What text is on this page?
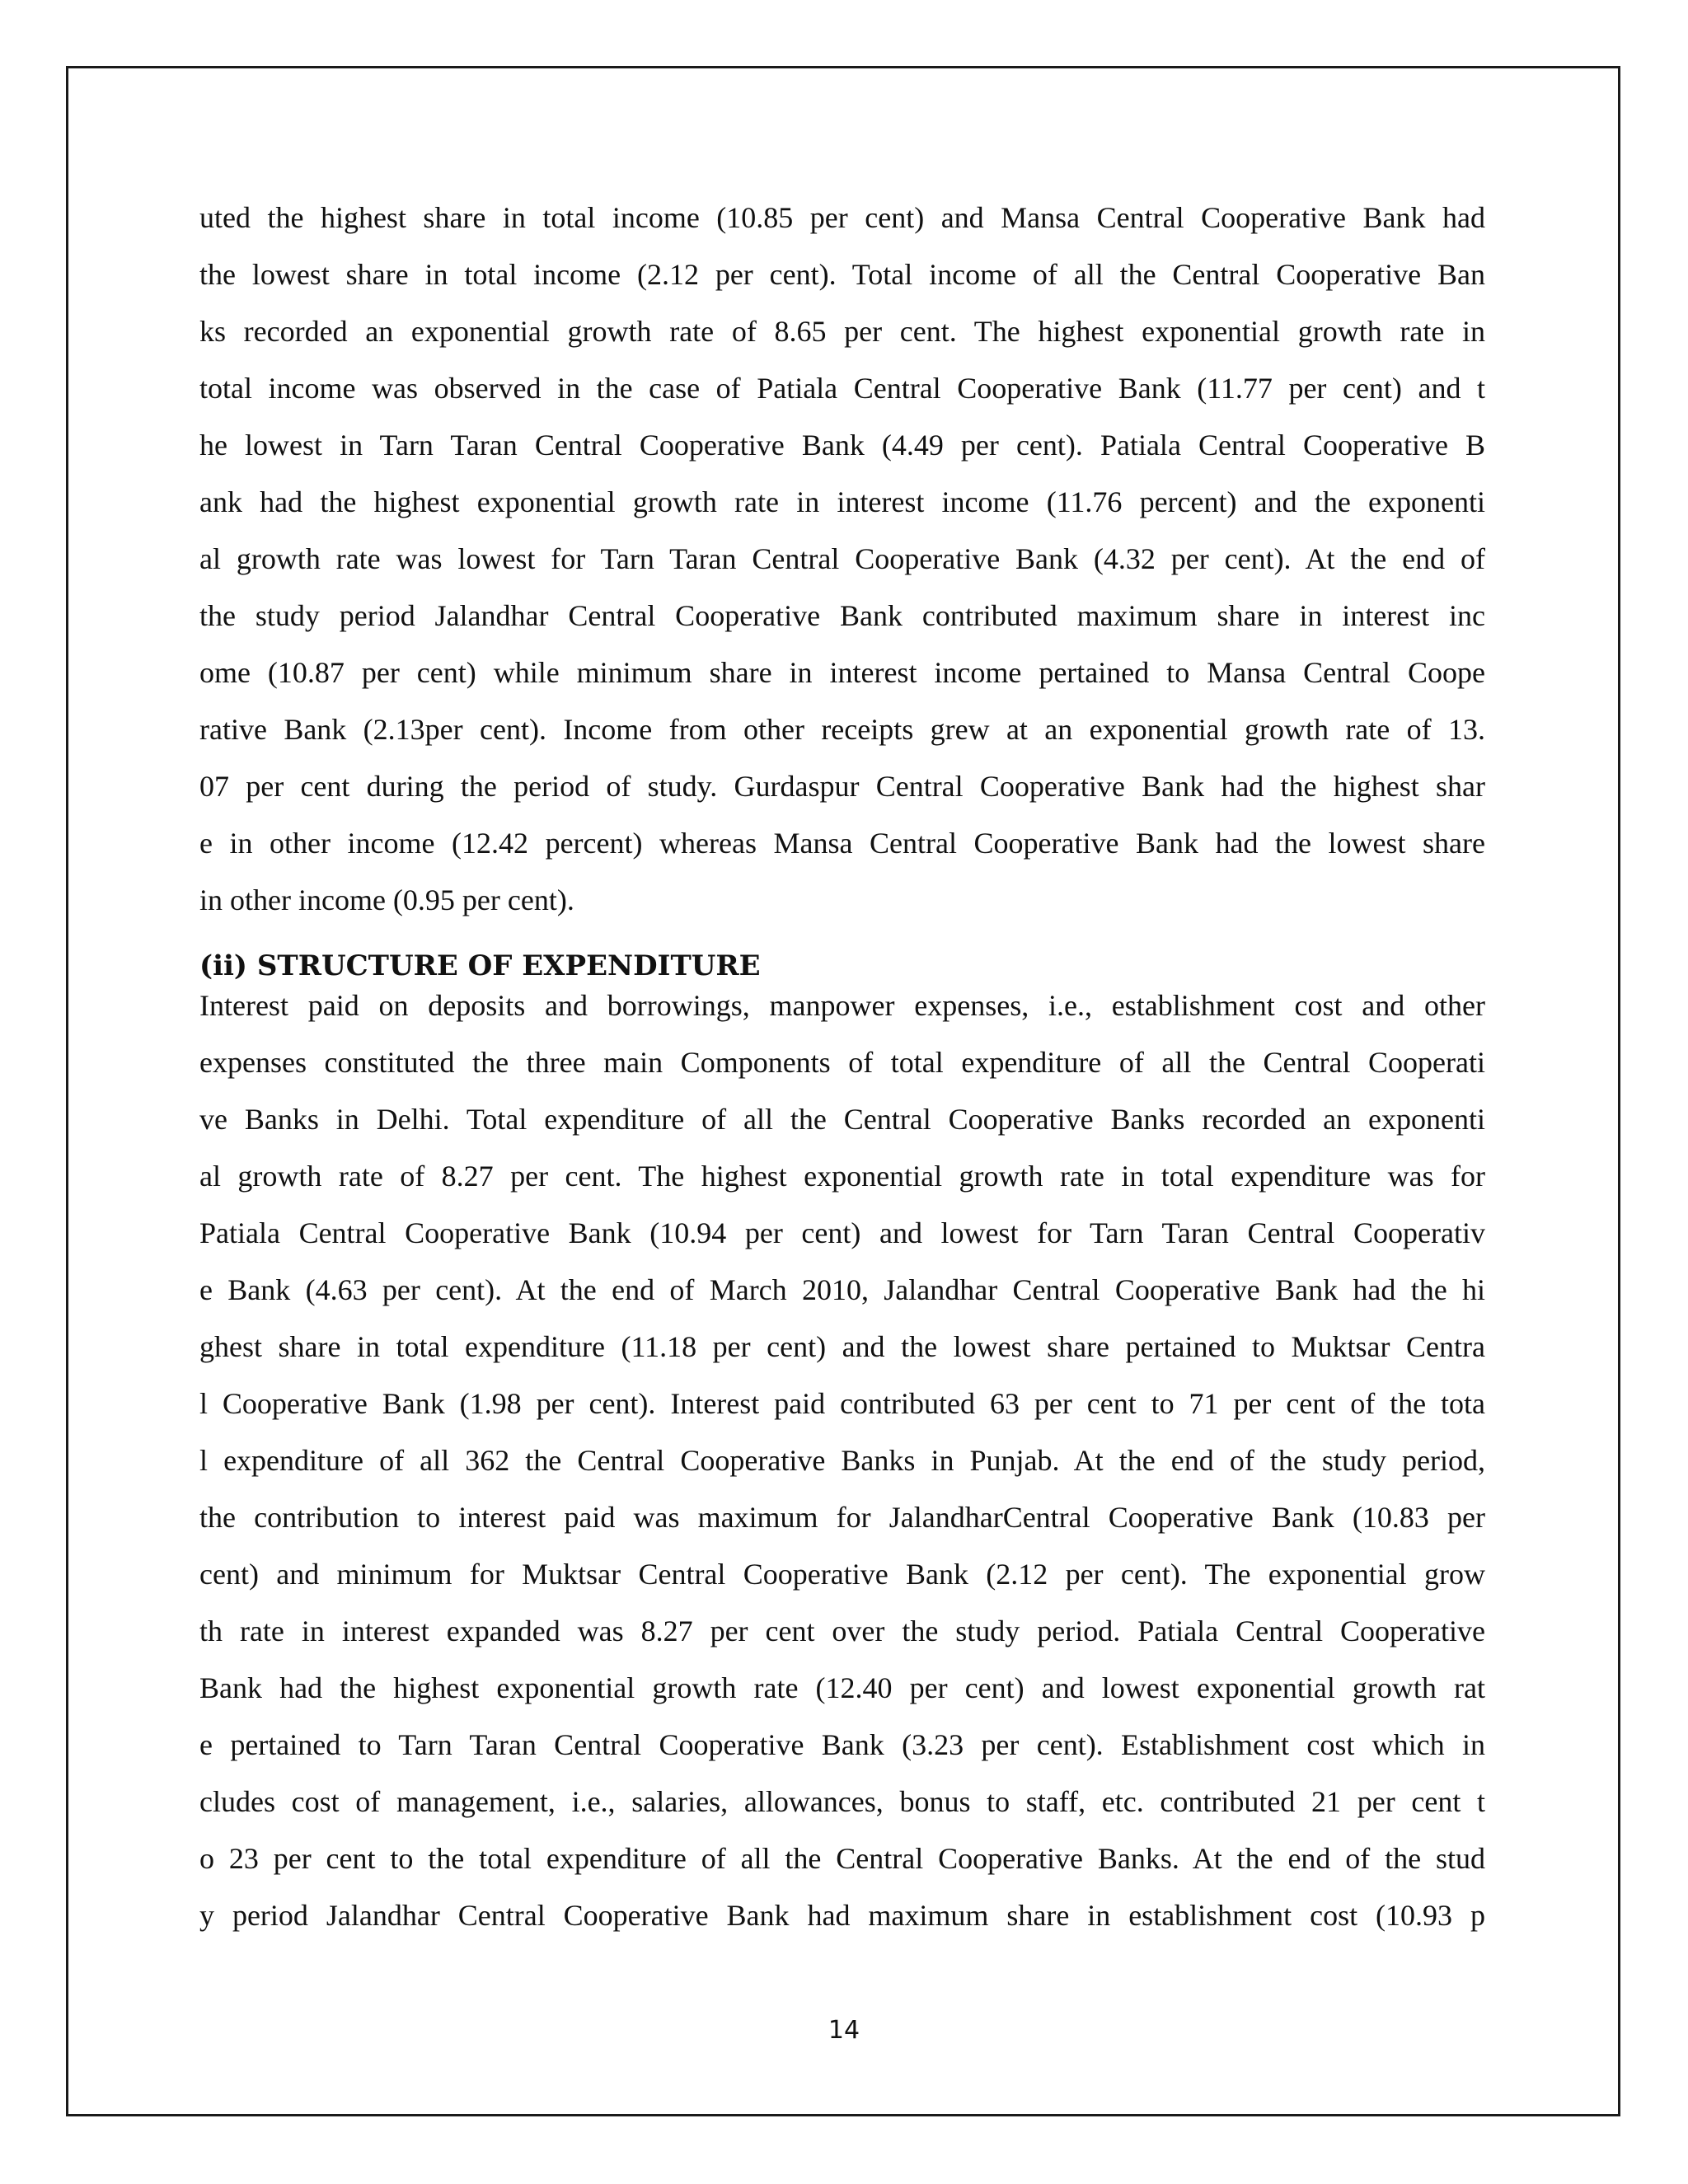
uted the highest share in total income (10.85 per cent) and Mansa Central Cooperative Bank had
the lowest share in total income (2.12 per cent). Total income of all the Central Cooperative Ban
ks recorded an exponential growth rate of 8.65 per cent. The highest exponential growth rate in
total income was observed in the case of Patiala Central Cooperative Bank (11.77 per cent) and t
he lowest in Tarn Taran Central Cooperative Bank (4.49 per cent). Patiala Central Cooperative B
ank had the highest exponential growth rate in interest income (11.76 percent) and the exponenti
al growth rate was lowest for Tarn Taran Central Cooperative Bank (4.32 per cent). At the end of
the study period Jalandhar Central Cooperative Bank contributed maximum share in interest inc
ome (10.87 per cent) while minimum share in interest income pertained to Mansa Central Coope
rative Bank (2.13per cent). Income from other receipts grew at an exponential growth rate of 13.
07 per cent during the period of study. Gurdaspur Central Cooperative Bank had the highest shar
e in other income (12.42 percent) whereas Mansa Central Cooperative Bank had the lowest share
in other income (0.95 per cent).
(ii) STRUCTURE OF EXPENDITURE
Interest paid on deposits and borrowings, manpower expenses, i.e., establishment cost and other
expenses constituted the three main Components of total expenditure of all the Central Cooperati
ve Banks in Delhi. Total expenditure of all the Central Cooperative Banks recorded an exponenti
al growth rate of 8.27 per cent. The highest exponential growth rate in total expenditure was for
Patiala Central Cooperative Bank (10.94 per cent) and lowest for Tarn Taran Central Cooperativ
e Bank (4.63 per cent). At the end of March 2010, Jalandhar Central Cooperative Bank had the hi
ghest share in total expenditure (11.18 per cent) and the lowest share pertained to Muktsar Centra
l Cooperative Bank (1.98 per cent). Interest paid contributed 63 per cent to 71 per cent of the tota
l expenditure of all 362 the Central Cooperative Banks in Punjab. At the end of the study period,
the contribution to interest paid was maximum for JalandharCentral Cooperative Bank (10.83 per
cent) and minimum for Muktsar Central Cooperative Bank (2.12 per cent). The exponential grow
th rate in interest expanded was 8.27 per cent over the study period. Patiala Central Cooperative
Bank had the highest exponential growth rate (12.40 per cent) and lowest exponential growth rat
e pertained to Tarn Taran Central Cooperative Bank (3.23 per cent). Establishment cost which in
cludes cost of management, i.e., salaries, allowances, bonus to staff, etc. contributed 21 per cent t
o 23 per cent to the total expenditure of all the Central Cooperative Banks. At the end of the stud
y period Jalandhar Central Cooperative Bank had maximum share in establishment cost (10.93 p
14
